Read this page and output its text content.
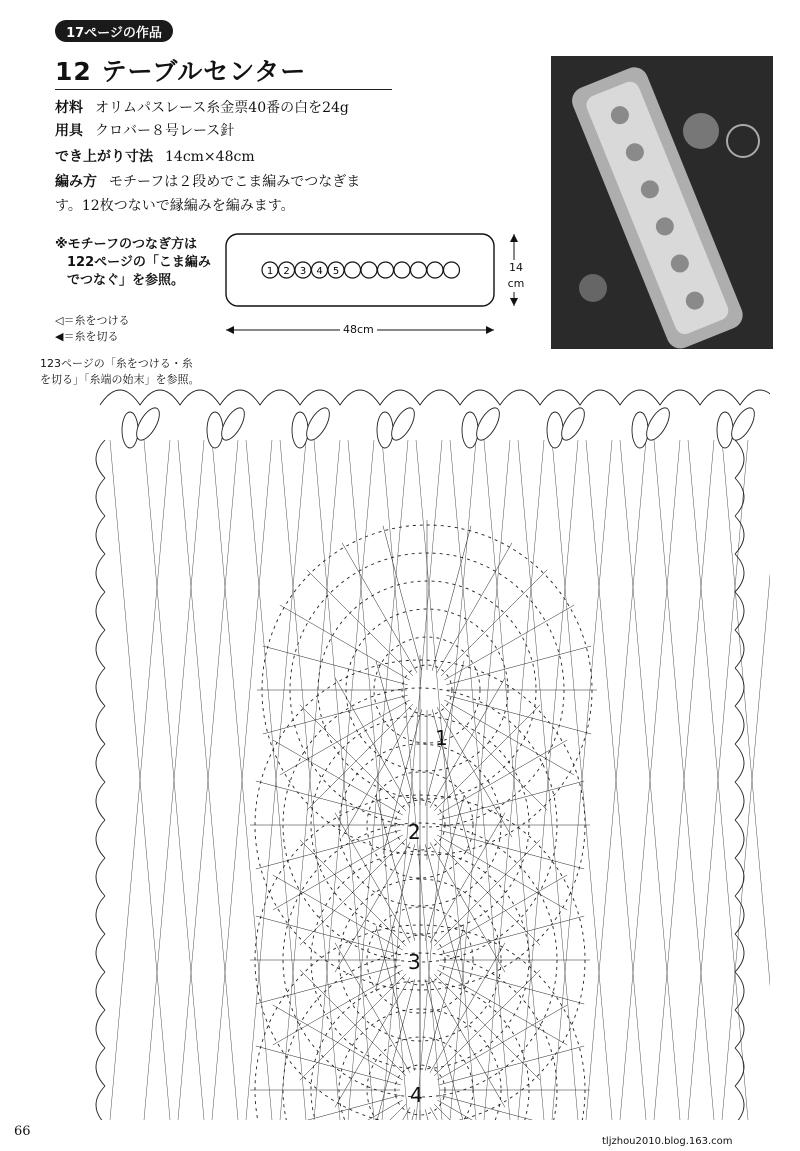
17ページの作品
12 テーブルセンター
材料 オリムパスレース糸金票40番の白を24g
用具 クロバー８号レース針
でき上がり寸法 14cm×48cm
編み方 モチーフは２段めでこま編みでつなぎま
す。12枚つないで縁編みを編みます。
※モチーフのつなぎ方は
122ページの「こま編み
でつなぐ」を参照。
1 2 3 4 5	14
cm
48cm
◁＝糸をつける
◀＝糸を切る
123ページの「糸をつける・糸
を切る」「糸端の始末」を参照。
1
2
3
4
66
tljzhou2010.blog.163.com
